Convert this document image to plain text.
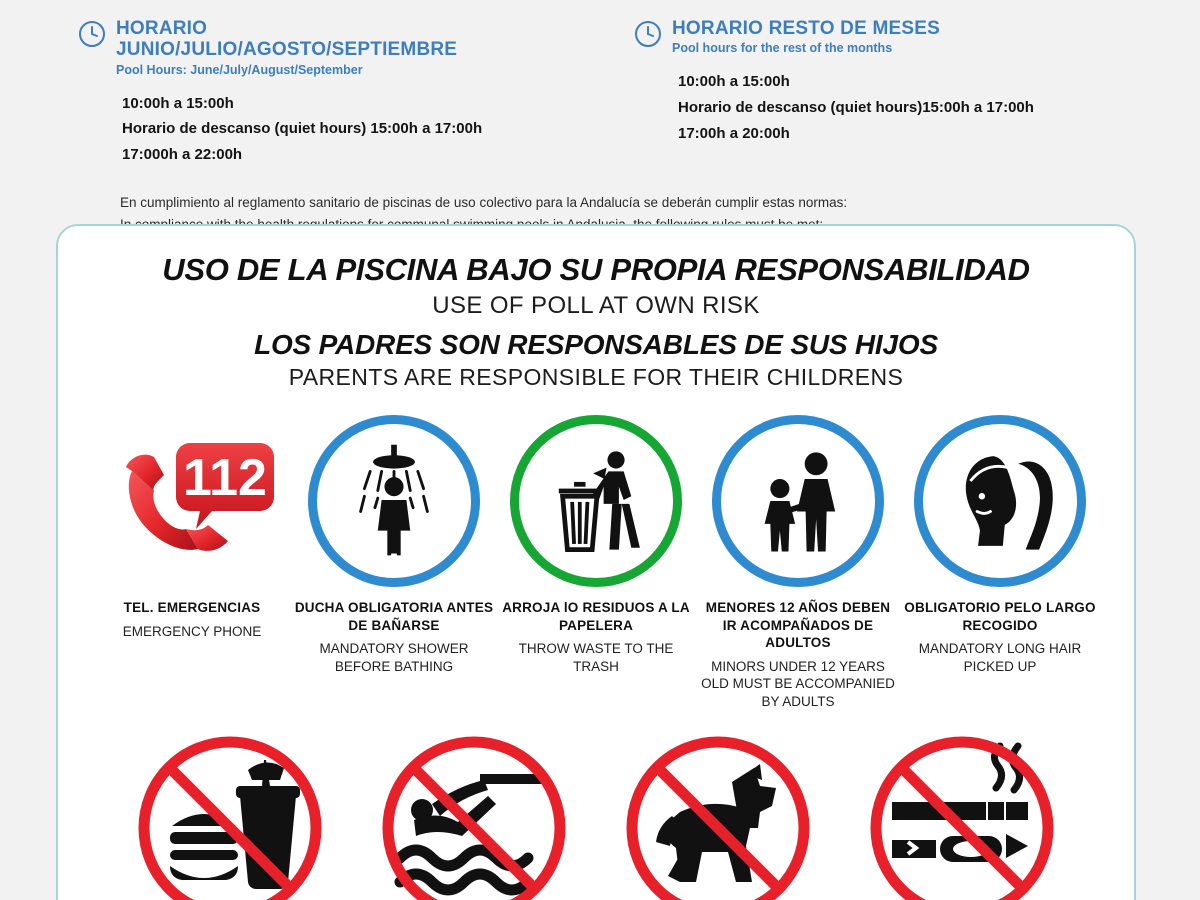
HORARIO JUNIO/JULIO/AGOSTO/SEPTIEMBRE
Pool Hours: June/July/August/September
10:00h a 15:00h
Horario de descanso (quiet hours) 15:00h a 17:00h
17:000h a 22:00h
HORARIO RESTO DE MESES
Pool hours for the rest of the months
10:00h a 15:00h
Horario de descanso (quiet hours)15:00h a 17:00h
17:00h a 20:00h
En cumplimiento al reglamento sanitario de piscinas de uso colectivo para la Andalucía se deberán cumplir estas normas:
USO DE LA PISCINA BAJO SU PROPIA RESPONSABILIDAD
USE OF POLL AT OWN RISK
LOS PADRES SON RESPONSABLES DE SUS HIJOS
PARENTS ARE RESPONSIBLE FOR THEIR CHILDRENS
112
TEL. EMERGENCIAS
EMERGENCY PHONE
DUCHA OBLIGATORIA ANTES DE BAÑARSE
MANDATORY SHOWER BEFORE BATHING
ARROJA lO RESIDUOS A LA PAPELERA
THROW WASTE TO THE TRASH
MENORES 12 AÑOS DEBEN IR ACOMPAÑADOS DE ADULTOS
MINORS UNDER 12 YEARS OLD MUST BE ACCOMPANIED BY ADULTS
OBLIGATORIO PELO LARGO RECOGIDO
MANDATORY LONG HAIR PICKED UP
